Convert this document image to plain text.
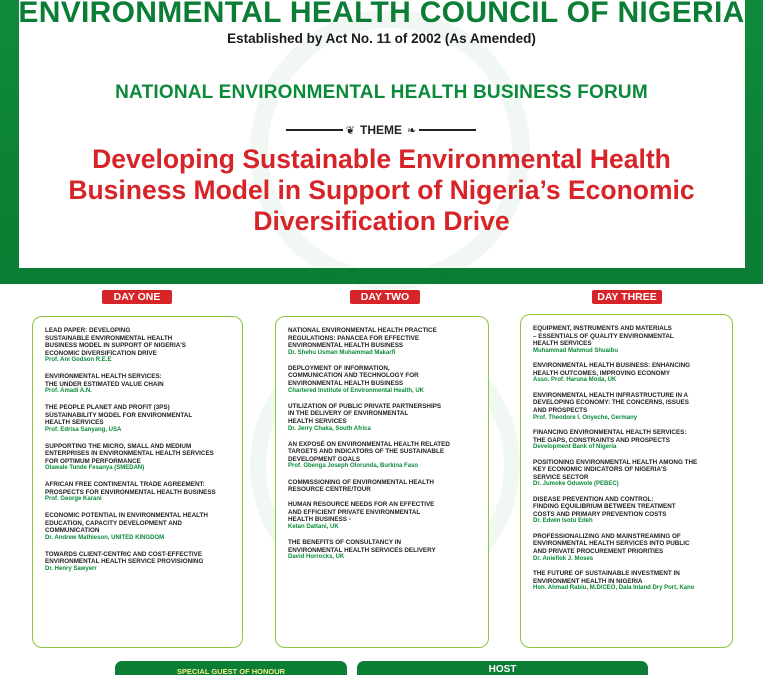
ENVIRONMENTAL HEALTH COUNCIL OF NIGERIA
Established by Act No. 11 of 2002 (As Amended)
NATIONAL ENVIRONMENTAL HEALTH BUSINESS FORUM
❦ THEME ❧
Developing Sustainable Environmental Health Business Model in Support of Nigeria’s Economic Diversification Drive
DAY ONE	DAY TWO	DAY THREE
LEAD PAPER: DEVELOPING
SUSTAINABLE ENVIRONMENTAL HEALTH
BUSINESS MODEL IN SUPPORT OF NIGERIA'S
ECONOMIC DIVERSIFICATION DRIVE
Prof. Ani Godson R.E.E
ENVIRONMENTAL HEALTH SERVICES:
THE UNDER ESTIMATED VALUE CHAIN
Prof. Amadi A.N.
THE PEOPLE PLANET AND PROFIT (3PS)
SUSTAINABILITY MODEL FOR ENVIRONMENTAL
HEALTH SERVICES
Prof. Edrisa Sanyang, USA
SUPPORTING THE MICRO, SMALL AND MEDIUM
ENTERPRISES IN ENVIRONMENTAL HEALTH SERVICES
FOR OPTIMUM PERFORMANCE
Olawale Tunde Fesanya (SMEDAN)
AFRICAN FREE CONTINENTAL TRADE AGREEMENT:
PROSPECTS FOR ENVIRONMENTAL HEALTH BUSINESS
Prof. George Karani
ECONOMIC POTENTIAL IN ENVIRONMENTAL HEALTH
EDUCATION, CAPACITY DEVELOPMENT AND
COMMUNICATION
Dr. Andrew Mathieson, UNITED KINGDOM
TOWARDS CLIENT-CENTRIC AND COST-EFFECTIVE
ENVIRONMENTAL HEALTH SERVICE PROVISIONING
Dr. Henry Sawyerr
NATIONAL ENVIRONMENTAL HEALTH PRACTICE
REGULATIONS: PANACEA FOR EFFECTIVE
ENVIRONMENTAL HEALTH BUSINESS
Dr. Shehu Usman Muhammad Makarfi
DEPLOYMENT OF INFORMATION,
COMMUNICATION AND TECHNOLOGY FOR
ENVIRONMENTAL HEALTH BUSINESS
Chartered Institute of Environmental Health, UK
UTILIZATION OF PUBLIC PRIVATE PARTNERSHIPS
IN THE DELIVERY OF ENVIRONMENTAL
HEALTH SERVICES
Dr. Jerry Chaka, South Africa
AN EXPOSÉ ON ENVIRONMENTAL HEALTH RELATED
TARGETS AND INDICATORS OF THE SUSTAINABLE
DEVELOPMENT GOALS
Prof. Gbenga Joseph Olorunda, Burkina Faso
COMMISSIONING OF ENVIRONMENTAL HEALTH
RESOURCE CENTRE/TOUR
HUMAN RESOURCE NEEDS FOR AN EFFECTIVE
AND EFFICIENT PRIVATE ENVIRONMENTAL
HEALTH BUSINESS -
Ketan Dattani, UK
THE BENEFITS OF CONSULTANCY IN
ENVIRONMENTAL HEALTH SERVICES DELIVERY
David Horrocks, UK
EQUIPMENT, INSTRUMENTS AND MATERIALS
– ESSENTIALS OF QUALITY ENVIRONMENTAL
HEALTH SERVICES
Muhammad Mahmud Shuaibu
ENVIRONMENTAL HEALTH BUSINESS: ENHANCING
HEALTH OUTCOMES, IMPROVING ECONOMY
Asso. Prof. Haruna Moda, UK
ENVIRONMENTAL HEALTH INFRASTRUCTURE IN A
DEVELOPING ECONOMY: THE CONCERNS, ISSUES
AND PROSPECTS
Prof. Theodore I. Onyeche, Germany
FINANCING ENVIRONMENTAL HEALTH SERVICES:
THE GAPS, CONSTRAINTS AND PROSPECTS
Development Bank of Nigeria
POSITIONING ENVIRONMENTAL HEALTH AMONG THE
KEY ECONOMIC INDICATORS OF NIGERIA'S
SERVICE SECTOR
Dr. Jumoke Oduwole (PEBEC)
DISEASE PREVENTION AND CONTROL:
FINDING EQUILIBRIUM BETWEEN TREATMENT
COSTS AND PRIMARY PREVENTION COSTS
Dr. Edwin Isotu Edeh
PROFESSIONALIZING AND MAINSTREAMING OF
ENVIRONMENTAL HEALTH SERVICES INTO PUBLIC
AND PRIVATE PROCUREMENT PRIORITIES
Dr. Aniefiok J. Moses
THE FUTURE OF SUSTAINABLE INVESTMENT IN
ENVIRONMENT HEALTH IN NIGERIA
Hon. Ahmad Rabiu, M.D/CEO, Dala Inland Dry Port, Kano
SPECIAL GUEST OF HONOUR	HOST
